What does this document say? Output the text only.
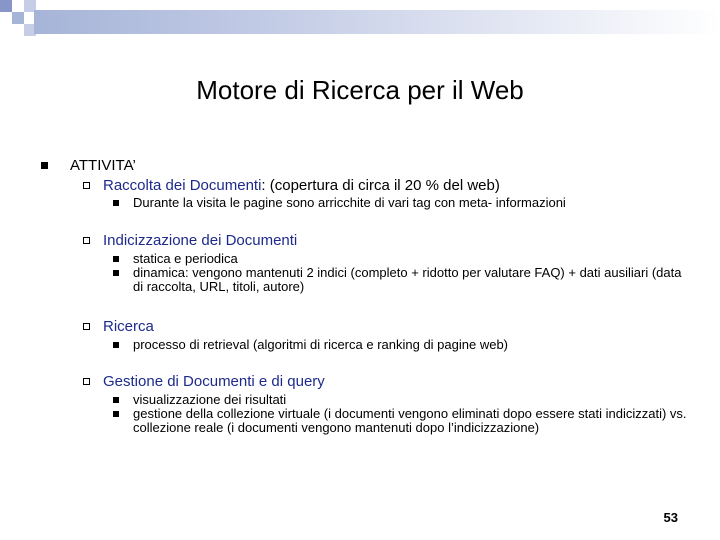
Motore di Ricerca per il Web
ATTIVITA’
Raccolta dei Documenti: (copertura di circa il 20 % del web)
Durante la visita le pagine sono arricchite di vari tag con meta- informazioni
Indicizzazione dei Documenti
statica e periodica
dinamica: vengono mantenuti 2 indici (completo + ridotto per valutare FAQ) + dati ausiliari (data di raccolta, URL, titoli, autore)
Ricerca
processo di retrieval (algoritmi di ricerca e ranking di pagine web)
Gestione di Documenti e di query
visualizzazione dei risultati
gestione della collezione virtuale (i documenti vengono eliminati dopo essere stati indicizzati) vs. collezione reale (i documenti vengono mantenuti dopo l’indicizzazione)
53
